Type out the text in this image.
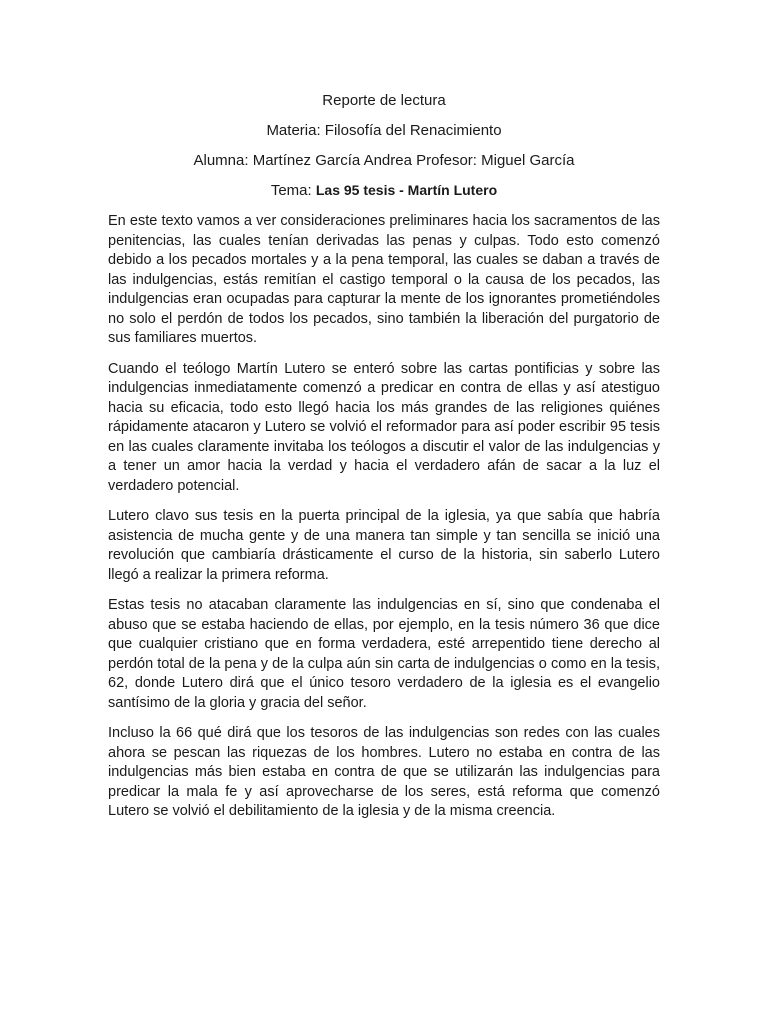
Reporte de lectura
Materia: Filosofía del Renacimiento
Alumna: Martínez García Andrea Profesor: Miguel García
Tema: Las 95 tesis - Martín Lutero

En este texto vamos a ver consideraciones preliminares hacia los sacramentos de las penitencias, las cuales tenían derivadas las penas y culpas. Todo esto comenzó debido a los pecados mortales y a la pena temporal, las cuales se daban a través de las indulgencias, estás remitían el castigo temporal o la causa de los pecados, las indulgencias eran ocupadas para capturar la mente de los ignorantes prometiéndoles no solo el perdón de todos los pecados, sino también la liberación del purgatorio de sus familiares muertos.

Cuando el teólogo Martín Lutero se enteró sobre las cartas pontificias y sobre las indulgencias inmediatamente comenzó a predicar en contra de ellas y así atestiguo hacia su eficacia, todo esto llegó hacia los más grandes de las religiones quiénes rápidamente atacaron y Lutero se volvió el reformador para así poder escribir 95 tesis en las cuales claramente invitaba los teólogos a discutir el valor de las indulgencias y a tener un amor hacia la verdad y hacia el verdadero afán de sacar a la luz el verdadero potencial.

Lutero clavo sus tesis en la puerta principal de la iglesia, ya que sabía que habría asistencia de mucha gente y de una manera tan simple y tan sencilla se inició una revolución que cambiaría drásticamente el curso de la historia, sin saberlo Lutero llegó a realizar la primera reforma.

Estas tesis no atacaban claramente las indulgencias en sí, sino que condenaba el abuso que se estaba haciendo de ellas, por ejemplo, en la tesis número 36 que dice que cualquier cristiano que en forma verdadera, esté arrepentido tiene derecho al perdón total de la pena y de la culpa aún sin carta de indulgencias o como en la tesis, 62, donde Lutero dirá que el único tesoro verdadero de la iglesia es el evangelio santísimo de la gloria y gracia del señor.

Incluso la 66 qué dirá que los tesoros de las indulgencias son redes con las cuales ahora se pescan las riquezas de los hombres. Lutero no estaba en contra de las indulgencias más bien estaba en contra de que se utilizarán las indulgencias para predicar la mala fe y así aprovecharse de los seres, está reforma que comenzó Lutero se volvió el debilitamiento de la iglesia y de la misma creencia.
